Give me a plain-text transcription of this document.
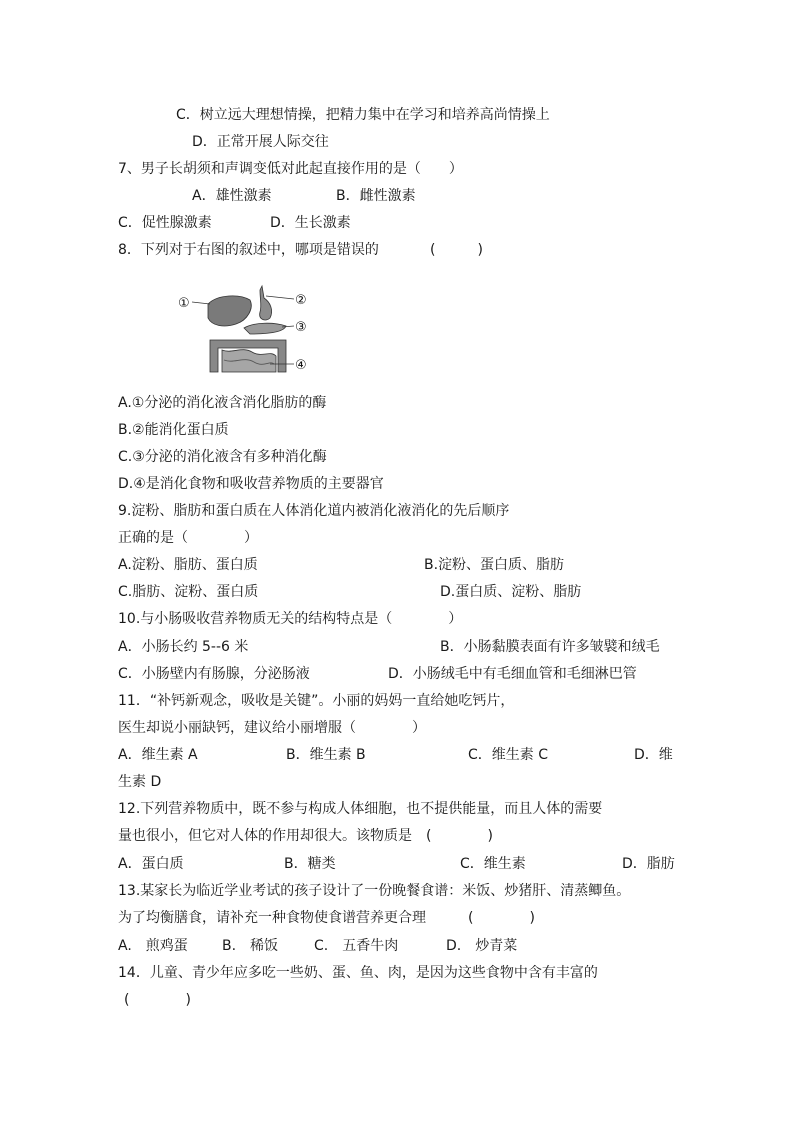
C．树立远大理想情操，把精力集中在学习和培养高尚情操上
D．正常开展人际交往
7、男子长胡须和声调变低对此起直接作用的是（　　）
A．雄性激素	B．雌性激素
C．促性腺激素	D．生长激素
8．下列对于右图的叙述中，哪项是错误的	(　　　)
①	②
③
④
A.①分泌的消化液含消化脂肪的酶
B.②能消化蛋白质
C.③分泌的消化液含有多种消化酶
D.④是消化食物和吸收营养物质的主要器官
9.淀粉、脂肪和蛋白质在人体消化道内被消化液消化的先后顺序
正确的是（　　　　）
A.淀粉、脂肪、蛋白质	B.淀粉、蛋白质、脂肪
C.脂肪、淀粉、蛋白质	D.蛋白质、淀粉、脂肪
10.与小肠吸收营养物质无关的结构特点是（　　　　）
A．小肠长约 5--6 米	B．小肠黏膜表面有许多皱襞和绒毛
C．小肠壁内有肠腺，分泌肠液	D．小肠绒毛中有毛细血管和毛细淋巴管
11．“补钙新观念，吸收是关键”。小丽的妈妈一直给她吃钙片，
医生却说小丽缺钙，建议给小丽增服（　　　　）
A．维生素 A	B．维生素 B	C．维生素 C	D．维
生素 D
12.下列营养物质中，既不参与构成人体细胞，也不提供能量，而且人体的需要
量也很小，但它对人体的作用却很大。该物质是　(　　　　)
A．蛋白质	B．糖类	C．维生素	D．脂肪
13.某家长为临近学业考试的孩子设计了一份晚餐食谱：米饭、炒猪肝、清蒸鲫鱼。
为了均衡膳食，请补充一种食物使食谱营养更合理　　　(　　　　)
A.　煎鸡蛋 B.　稀饭	C.　五香牛肉	D.　炒青菜
14．儿童、青少年应多吃一些奶、蛋、鱼、肉，是因为这些食物中含有丰富的
(　　　　)
